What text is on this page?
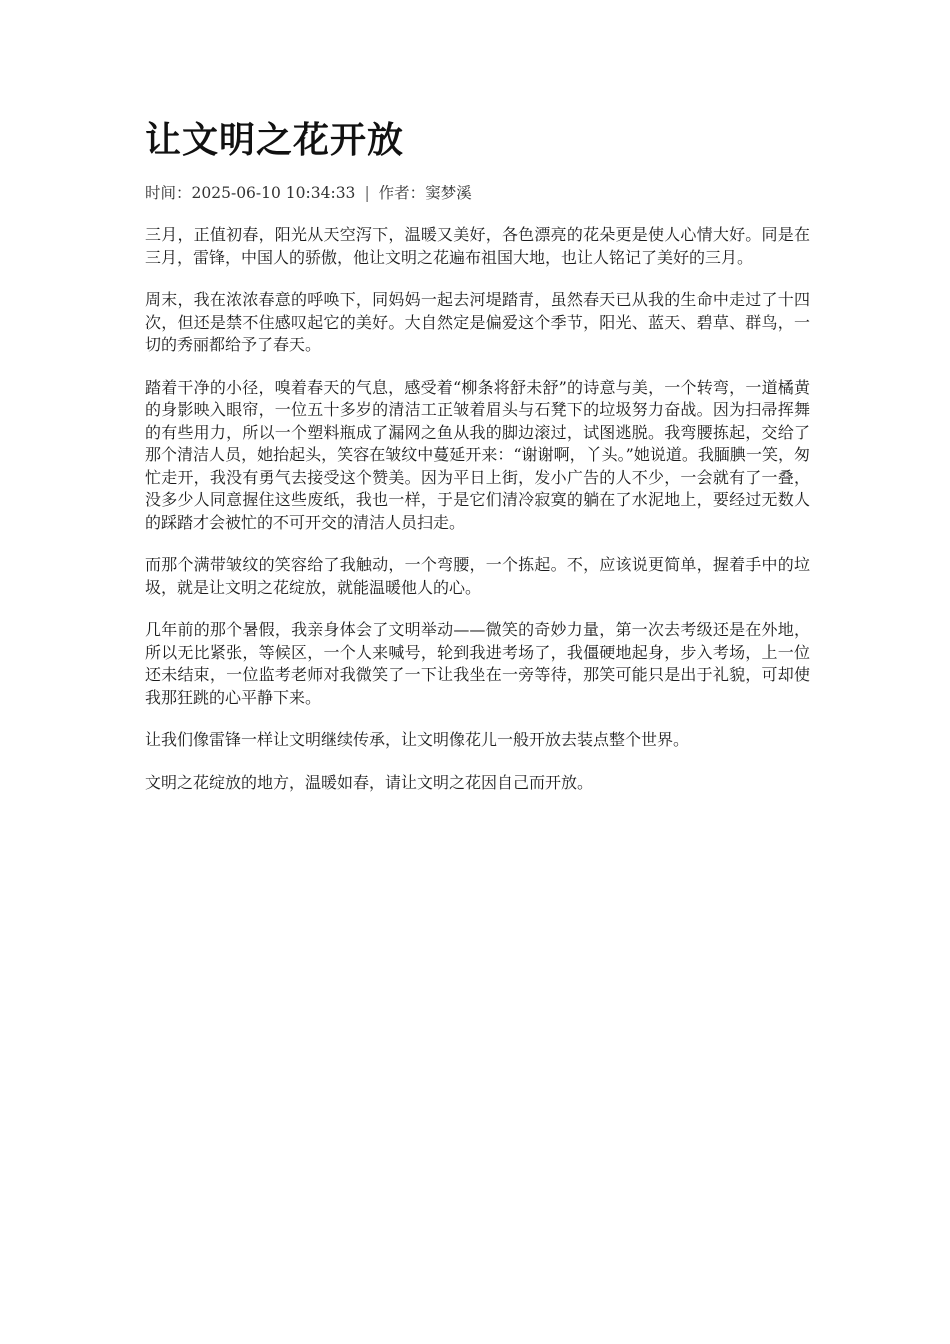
让文明之花开放
时间：2025-06-10 10:34:33 | 作者：窦梦溪

三月，正值初春，阳光从天空泻下，温暖又美好，各色漂亮的花朵更是使人心情大好。同是在三月，雷锋，中国人的骄傲，他让文明之花遍布祖国大地，也让人铭记了美好的三月。

周末，我在浓浓春意的呼唤下，同妈妈一起去河堤踏青，虽然春天已从我的生命中走过了十四次，但还是禁不住感叹起它的美好。大自然定是偏爱这个季节，阳光、蓝天、碧草、群鸟，一切的秀丽都给予了春天。

踏着干净的小径，嗅着春天的气息，感受着“柳条将舒未舒”的诗意与美，一个转弯，一道橘黄的身影映入眼帘，一位五十多岁的清洁工正皱着眉头与石凳下的垃圾努力奋战。因为扫帚挥舞的有些用力，所以一个塑料瓶成了漏网之鱼从我的脚边滚过，试图逃脱。我弯腰拣起，交给了那个清洁人员，她抬起头，笑容在皱纹中蔓延开来：“谢谢啊，丫头。”她说道。我腼腆一笑，匆忙走开，我没有勇气去接受这个赞美。因为平日上街，发小广告的人不少，一会就有了一叠，没多少人同意握住这些废纸，我也一样，于是它们清冷寂寞的躺在了水泥地上，要经过无数人的踩踏才会被忙的不可开交的清洁人员扫走。

而那个满带皱纹的笑容给了我触动，一个弯腰，一个拣起。不，应该说更简单，握着手中的垃圾，就是让文明之花绽放，就能温暖他人的心。

几年前的那个暑假，我亲身体会了文明举动——微笑的奇妙力量，第一次去考级还是在外地，所以无比紧张，等候区，一个人来喊号，轮到我进考场了，我僵硬地起身，步入考场，上一位还未结束，一位监考老师对我微笑了一下让我坐在一旁等待，那笑可能只是出于礼貌，可却使我那狂跳的心平静下来。

让我们像雷锋一样让文明继续传承，让文明像花儿一般开放去装点整个世界。

文明之花绽放的地方，温暖如春，请让文明之花因自己而开放。
